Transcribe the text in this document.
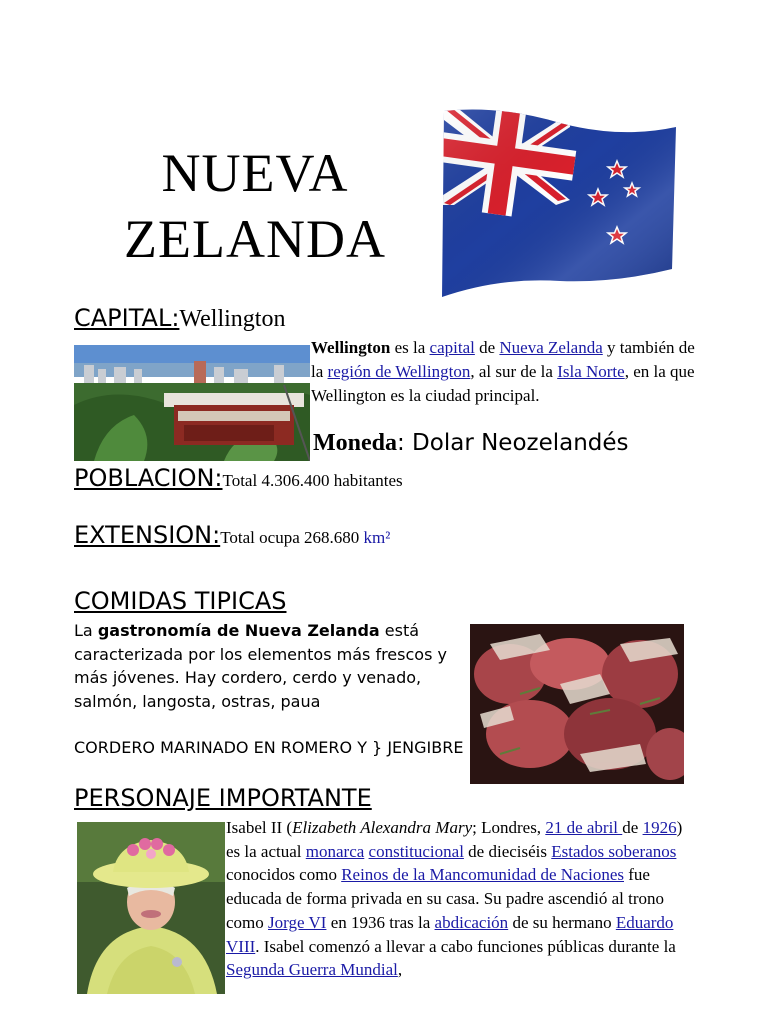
NUEVA
ZELANDA
CAPITAL:Wellington
Wellington es la capital de Nueva Zelanda y también de la región de Wellington, al sur de la Isla Norte, en la que Wellington es la ciudad principal.
Moneda: Dolar Neozelandés
POBLACION:Total 4.306.400 habitantes
EXTENSION:Total ocupa 268.680 km²
COMIDAS TIPICAS
La gastronomía de Nueva Zelanda está caracterizada por los elementos más frescos y más jóvenes. Hay cordero, cerdo y venado, salmón, langosta, ostras, paua
CORDERO MARINADO EN ROMERO Y } JENGIBRE
PERSONAJE IMPORTANTE
Isabel II (Elizabeth Alexandra Mary; Londres, 21 de abril de 1926) es la actual monarca constitucional de dieciséis Estados soberanos conocidos como Reinos de la Mancomunidad de Naciones fue educada de forma privada en su casa. Su padre ascendió al trono como Jorge VI en 1936 tras la abdicación de su hermano Eduardo VIII. Isabel comenzó a llevar a cabo funciones públicas durante la Segunda Guerra Mundial,
